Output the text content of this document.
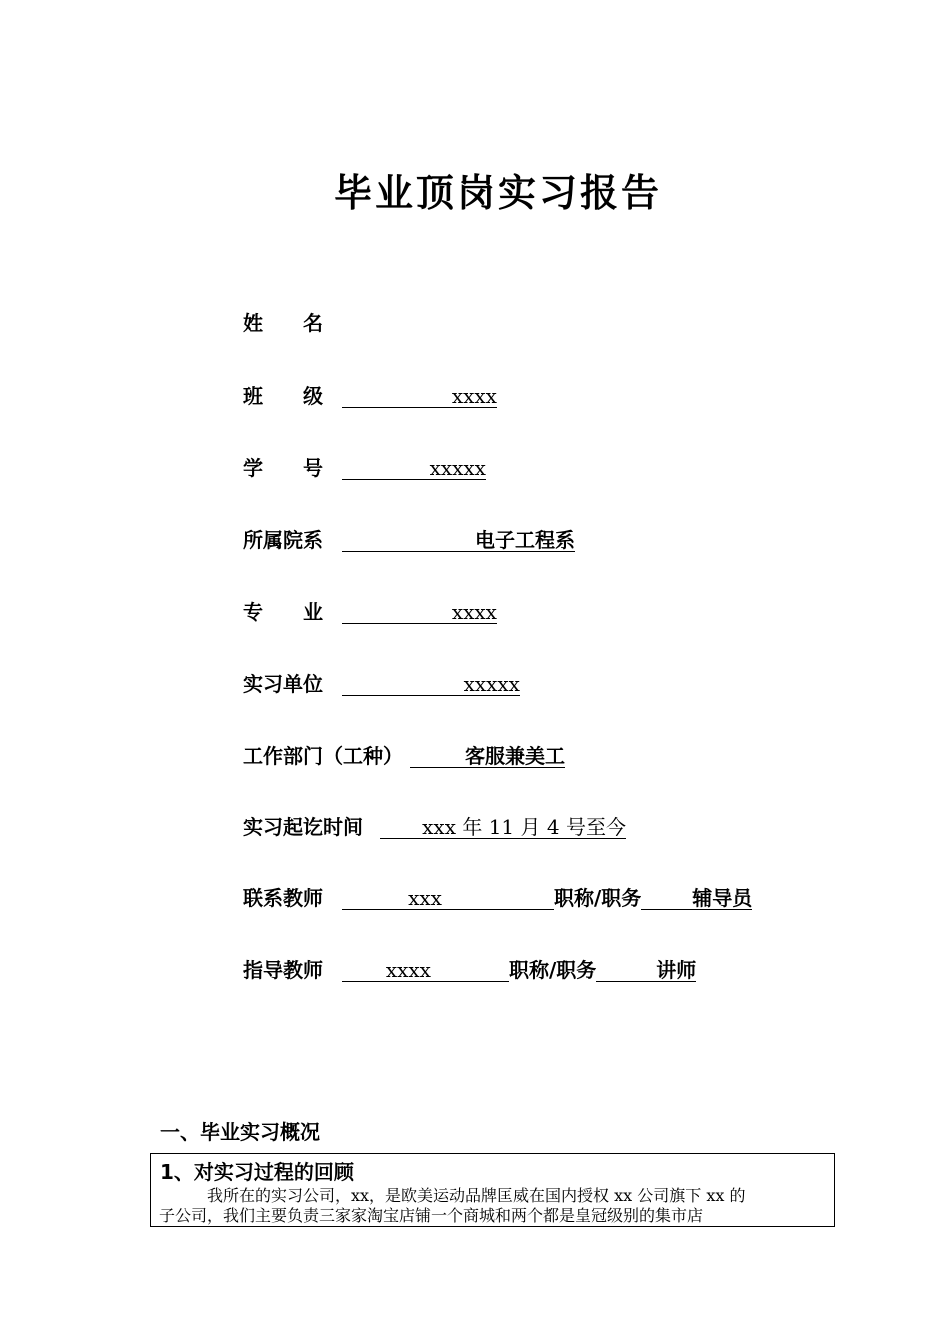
毕业顶岗实习报告
姓　　名
班　　级	xxxx
学　　号	xxxxx
所属院系	电子工程系
专　　业	xxxx
实习单位	xxxxx
工作部门（工种）	客服兼美工
实习起讫时间	xxx 年 11 月 4 号至今
联系教师	xxx	职称/职务	辅导员
指导教师	xxxx	职称/职务	讲师
一、毕业实习概况
1、对实习过程的回顾
我所在的实习公司，xx，是欧美运动品牌匡威在国内授权 xx 公司旗下 xx 的
子公司，我们主要负责三家家淘宝店铺一个商城和两个都是皇冠级别的集市店
